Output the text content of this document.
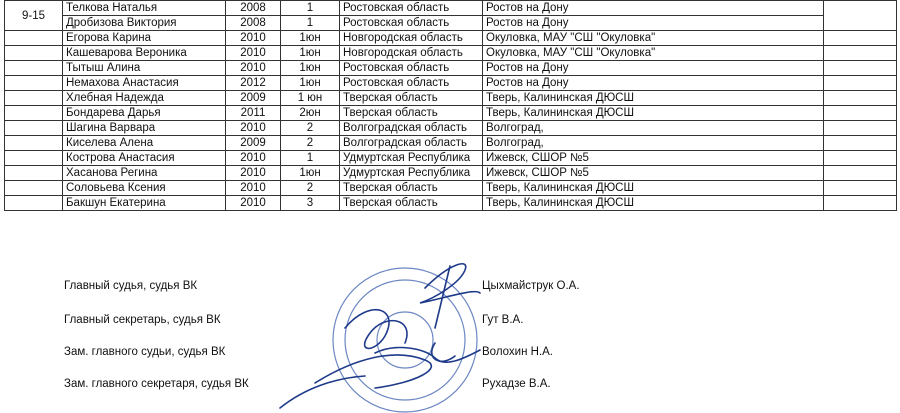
9-15	Телкова Наталья	2008	1	Ростовская область	Ростов на Дону	
	Дробизова Виктория	2008	1	Ростовская область	Ростов на Дону	
	Егорова Карина	2010	1юн	Новгородская область	Окуловка, МАУ "СШ "Окуловка"	
	Кашеварова Вероника	2010	1юн	Новгородская область	Окуловка, МАУ "СШ "Окуловка"	
	Тытыш Алина	2010	1юн	Ростовская область	Ростов на Дону	
	Немахова Анастасия	2012	1юн	Ростовская область	Ростов на Дону	
	Хлебная Надежда	2009	1 юн	Тверская область	Тверь, Калининская ДЮСШ	
	Бондарева Дарья	2011	2юн	Тверская область	Тверь, Калининская ДЮСШ	
	Шагина Варвара	2010	2	Волгоградская область	Волгоград,	
	Киселева Алена	2009	2	Волгоградская область	Волгоград,	
	Кострова Анастасия	2010	1	Удмуртская Республика	Ижевск, СШОР №5	
	Хасанова Регина	2010	1юн	Удмуртская Республика	Ижевск, СШОР №5	
	Соловьева Ксения	2010	2	Тверская область	Тверь, Калининская ДЮСШ	
	Бакшун Екатерина	2010	3	Тверская область	Тверь, Калининская ДЮСШ	
Главный судья, судья ВК	Цыхмайструк О.А.
Главный секретарь, судья ВК	Гут В.А.
Зам. главного судьи, судья ВК	Волохин Н.А.
Зам. главного секретаря, судья ВК	Рухадзе В.А.
